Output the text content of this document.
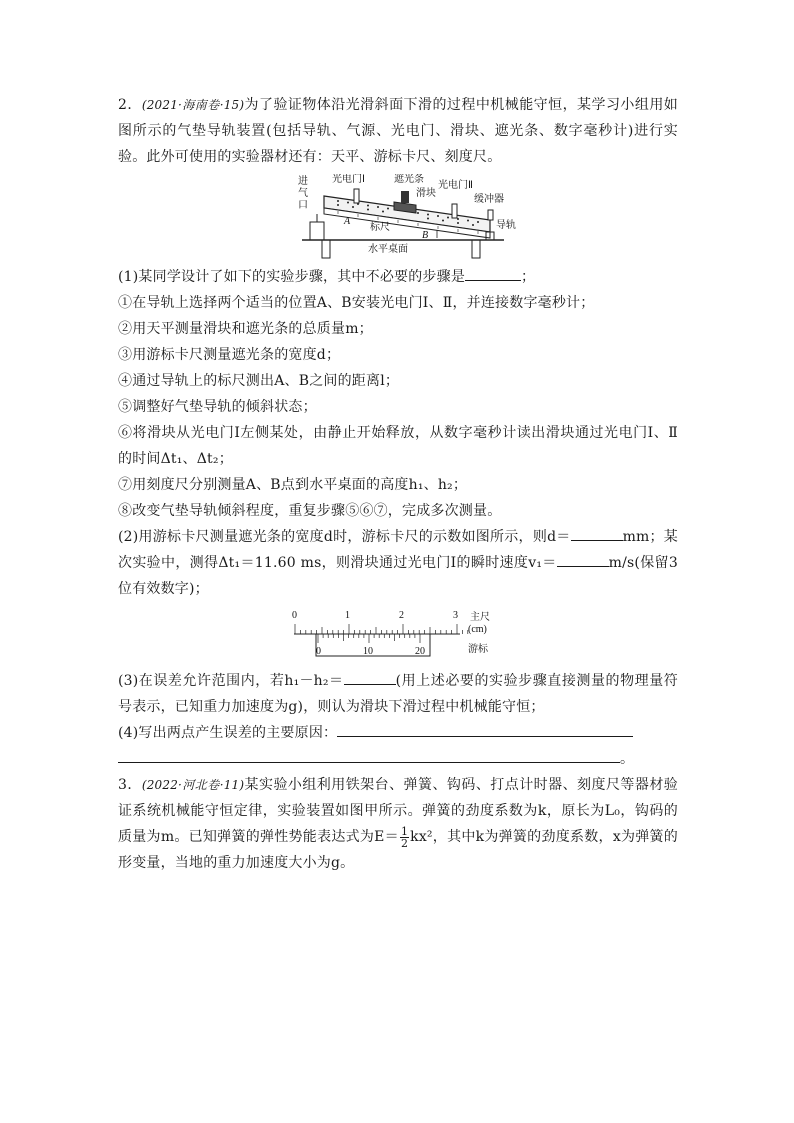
2．(2021·海南卷·15)为了验证物体沿光滑斜面下滑的过程中机械能守恒，某学习小组用如图所示的气垫导轨装置(包括导轨、气源、光电门、滑块、遮光条、数字毫秒计)进行实验。此外可使用的实验器材还有：天平、游标卡尺、刻度尺。

进
气
口
光电门Ⅰ	遮光条
滑块
光电门Ⅱ
缓冲器
A
标尺
B
导轨
水平桌面

(1)某同学设计了如下的实验步骤，其中不必要的步骤是	；

①在导轨上选择两个适当的位置A、B安装光电门Ⅰ、Ⅱ，并连接数字毫秒计；

②用天平测量滑块和遮光条的总质量m；

③用游标卡尺测量遮光条的宽度d；

④通过导轨上的标尺测出A、B之间的距离l；

⑤调整好气垫导轨的倾斜状态；

⑥将滑块从光电门Ⅰ左侧某处，由静止开始释放，从数字毫秒计读出滑块通过光电门Ⅰ、Ⅱ的时间Δt₁、Δt₂；

⑦用刻度尺分别测量A、B点到水平桌面的高度h₁、h₂；

⑧改变气垫导轨倾斜程度，重复步骤⑤⑥⑦，完成多次测量。

(2)用游标卡尺测量遮光条的宽度d时，游标卡尺的示数如图所示，则d＝	mm；某次实验中，测得Δt₁＝11.60 ms，则滑块通过光电门Ⅰ的瞬时速度v₁＝	m/s(保留3位有效数字)；

0	1	2	3 主尺
(cm)
0	10	20	游标

(3)在误差允许范围内，若h₁－h₂＝	(用上述必要的实验步骤直接测量的物理量符号表示，已知重力加速度为g)，则认为滑块下滑过程中机械能守恒；

(4)写出两点产生误差的主要原因：

。

3．(2022·河北卷·11)某实验小组利用铁架台、弹簧、钩码、打点计时器、刻度尺等器材验证系统机械能守恒定律，实验装置如图甲所示。弹簧的劲度系数为k，原长为L₀，钩码的质量为m。已知弹簧的弹性势能表达式为$E= \frac{1}{2} kx^2$，其中k为弹簧的劲度系数，x为弹簧的形变量，当地的重力加速度大小为g。
